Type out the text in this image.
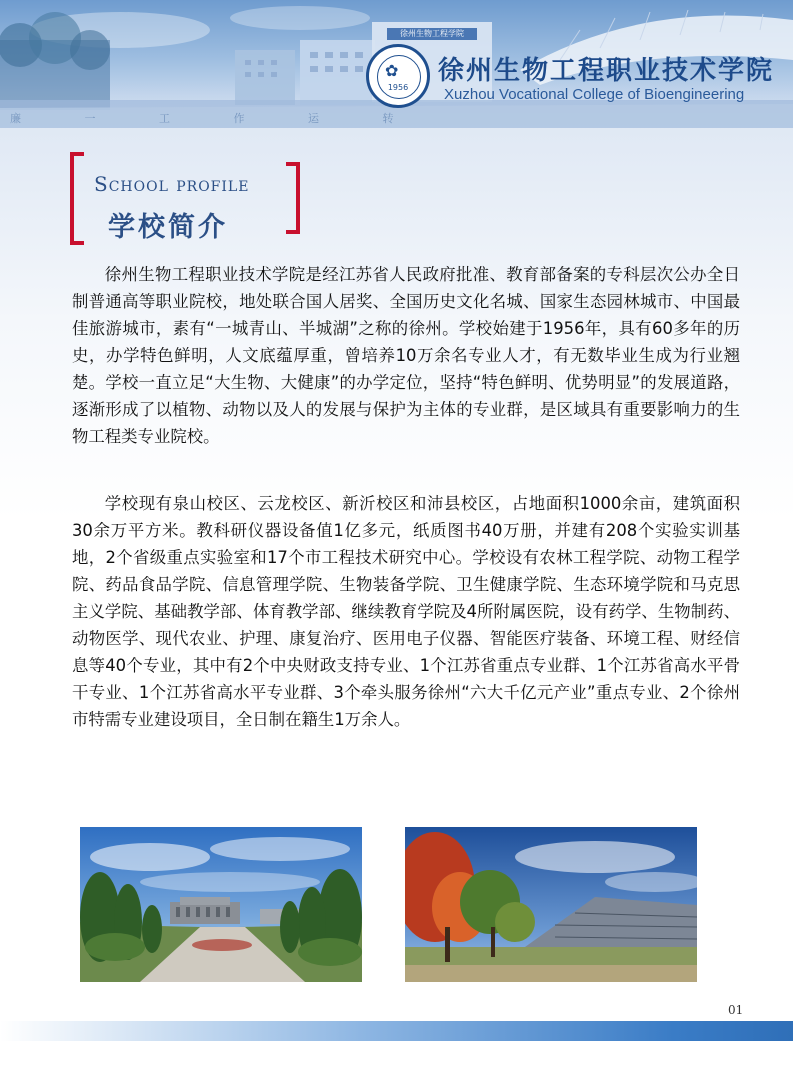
徐州生物工程学院
廉 一 工 作 运 转
✿
1956
徐州生物工程职业技术学院
Xuzhou Vocational College of Bioengineering
School profile
学校简介

徐州生物工程职业技术学院是经江苏省人民政府批准、教育部备案的专科层次公办全日制普通高等职业院校，地处联合国人居奖、全国历史文化名城、国家生态园林城市、中国最佳旅游城市，素有“一城青山、半城湖”之称的徐州。学校始建于1956年，具有60多年的历史，办学特色鲜明，人文底蕴厚重，曾培养10万余名专业人才，有无数毕业生成为行业翘楚。学校一直立足“大生物、大健康”的办学定位，坚持“特色鲜明、优势明显”的发展道路，逐渐形成了以植物、动物以及人的发展与保护为主体的专业群，是区域具有重要影响力的生物工程类专业院校。

学校现有泉山校区、云龙校区、新沂校区和沛县校区，占地面积1000余亩，建筑面积30余万平方米。教科研仪器设备值1亿多元，纸质图书40万册，并建有208个实验实训基地，2个省级重点实验室和17个市工程技术研究中心。学校设有农林工程学院、动物工程学院、药品食品学院、信息管理学院、生物装备学院、卫生健康学院、生态环境学院和马克思主义学院、基础教学部、体育教学部、继续教育学院及4所附属医院，设有药学、生物制药、动物医学、现代农业、护理、康复治疗、医用电子仪器、智能医疗装备、环境工程、财经信息等40个专业，其中有2个中央财政支持专业、1个江苏省重点专业群、1个江苏省高水平骨干专业、1个江苏省高水平专业群、3个牵头服务徐州“六大千亿元产业”重点专业、2个徐州市特需专业建设项目，全日制在籍生1万余人。

01
